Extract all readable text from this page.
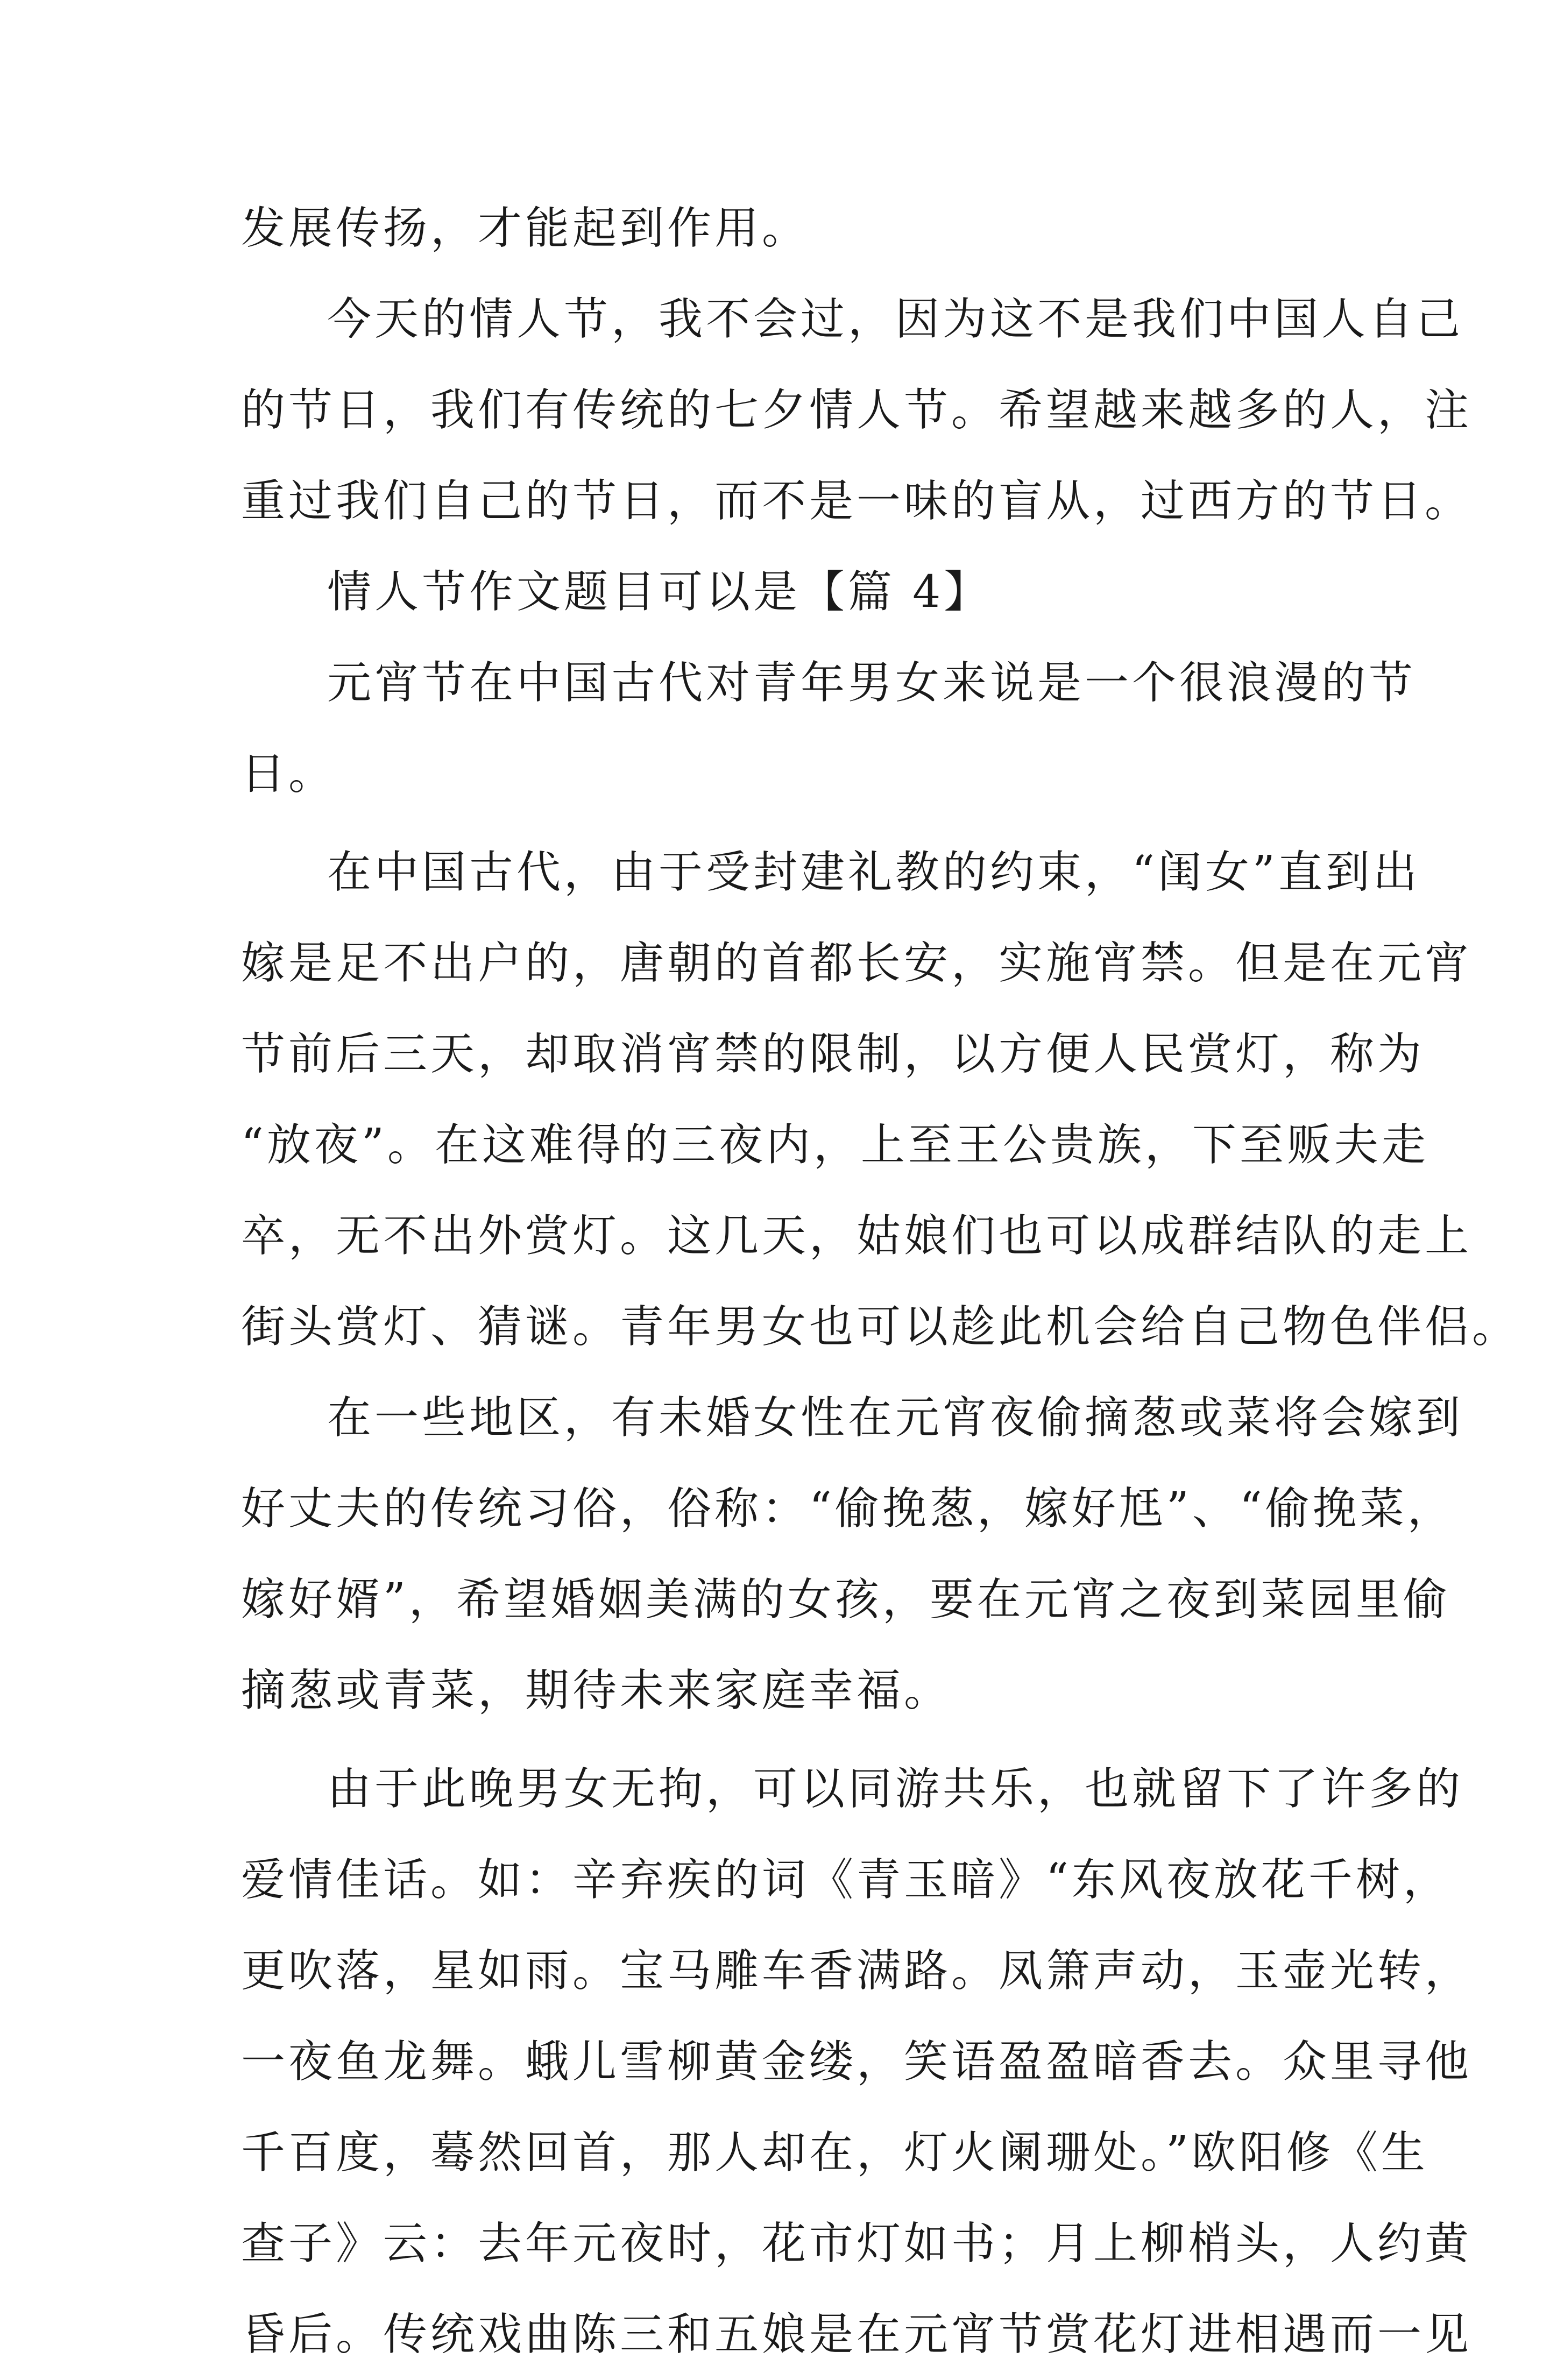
发展传扬，才能起到作用。
今天的情人节，我不会过，因为这不是我们中国人自己
的节日，我们有传统的七夕情人节。希望越来越多的人，注
重过我们自己的节日，而不是一味的盲从，过西方的节日。
情人节作文题目可以是【篇 4】
元宵节在中国古代对青年男女来说是一个很浪漫的节
日。
在中国古代，由于受封建礼教的约束，“闺女”直到出
嫁是足不出户的，唐朝的首都长安，实施宵禁。但是在元宵
节前后三天，却取消宵禁的限制，以方便人民赏灯，称为
“放夜”。在这难得的三夜内，上至王公贵族，下至贩夫走
卒，无不出外赏灯。这几天，姑娘们也可以成群结队的走上
街头赏灯、猜谜。青年男女也可以趁此机会给自己物色伴侣。
在一些地区，有未婚女性在元宵夜偷摘葱或菜将会嫁到
好丈夫的传统习俗，俗称：“偷挽葱，嫁好尪”、“偷挽菜，
嫁好婿”，希望婚姻美满的女孩，要在元宵之夜到菜园里偷
摘葱或青菜，期待未来家庭幸福。
由于此晚男女无拘，可以同游共乐，也就留下了许多的
爱情佳话。如：辛弃疾的词《青玉暗》“东风夜放花千树，
更吹落，星如雨。宝马雕车香满路。凤箫声动，玉壶光转，
一夜鱼龙舞。蛾儿雪柳黄金缕，笑语盈盈暗香去。众里寻他
千百度，蓦然回首，那人却在，灯火阑珊处。”欧阳修《生
查子》云：去年元夜时，花市灯如书；月上柳梢头，人约黄
昏后。传统戏曲陈三和五娘是在元宵节赏花灯进相遇而一见
